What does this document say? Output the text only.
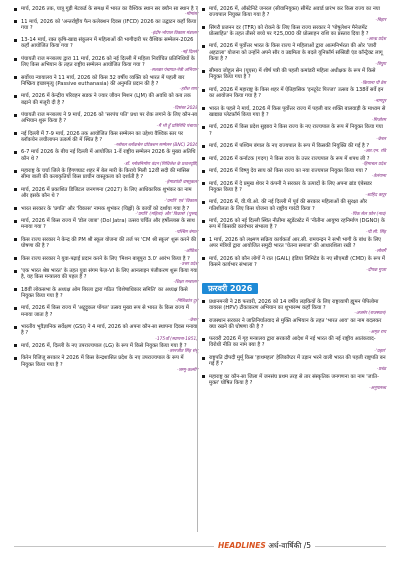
मार्च, 2026 तक, यात्रू गुड़ी मेटकर्ड के समक्ष में भारत का वैश्विक स्थान सर क्यौन सा स्थान है ?
-मीमांसा
11 मार्च, 2026 को 'अन्तर्राष्ट्रीय फैन कलेक्शन दिवस (IFCD) 2026 का उद्घाटन कहाँ किया गया ?
-इंदौर-भोपाल विकास मंत्रालय
13-14 मार्च, रक्त कृषि-खाद्य संकुलन में महिलाओं की भागीदारी पर वैश्विक सम्मेलन-2026 कहाँ आयोजित किया गया ?
-नई दिल्ली
पंचायती राज मन्त्रालय द्वारा 11 मार्च, 2026 को नई दिल्ली में महिला निर्वाचित प्रतिनिधियों के लिए किस अभियान के तहत राष्ट्रीय सम्मेलन आयोजित किया गया ?
-सशक्त पंचायत-नेत्री अभियान
सर्वोच्च न्यायालय ने 11 मार्च, 2026 को किस 32 वर्षीय व्यक्ति को भारत में पहली बार निष्क्रिय इच्छामृत्यु (Passive euthanasia) की अनुमति प्रदान की है ?
-हरीश राणा
मार्च, 2026 में केन्द्रीय परिवहन सडक ने ज्यार जीवन मिशन (LJM) की अवधि को कब तक बढ़ाने की मंजूरी दी है ?
-दिसंबर 2028
पंचायती राज मन्त्रालय ने 9 मार्च, 2026 को 'सरपंच पति' प्रथा पर रोक लगाने के लिए कौन-सा अभियान शुरू किया है ?
-मैं भी हूँ प्रतिनिधि पंचायत
नई दिल्ली में 7-9 मार्च, 2026 तक आयोजित किस सम्मेलन का उद्देश्य वैश्विक स्तर पर ब्लॉकचेन लचीलापन उत्कर्ष की में स्थित है ?
-ग्लोबल ब्लॉकचेन प्रोटेक्शन सम्मेलन (BNC) 2026
6-7 मार्च 2026 के बीच नई दिल्ली में आयोजित 1-वें राष्ट्रीय सम्मेलन 2026 के मुख्य अतिथि कौन थे ?
-डॉ. ग्लोबनिर्माण वंदन (मिथिलेश के प्रधानदृष्टि)
महाराष्ट्र के चर्चा जिले के हिंगणघाट शहर में बेल मारी के किराये मिली 12वीं सदी की मांसिस सीमा बाली की कलाकृतियों किस प्राचीन वास्तुकला को दर्शाती है ?
-हेमाडपंती वास्तुकला
मार्च, 2026 में प्रकाशित डिजिटल जनगणना (2027) के लिए आधिकारिक शुभंकर का नाम और इसके कौन थे ?
-'प्रगति' एवं 'विकास'
भारत सरकार के 'प्रगति' और 'विकास' नामक शुभंकर (चिह्नों) के कार्यों को दर्शाया गया है ?
-'प्रगति' (महिला) और 'विकास' (पुरुष)
मार्च, 2026 में किस राज्य में 'डोल जात्रा' (Dol Jatra) उत्सव चर्चित और हर्षोल्लास के साथ मनाया गया ?
-पश्चिम बंगाल
किस राज्य सरकार ने केन्द्र की PM श्री स्कूल योजना की तर्ज पर 'CM श्री स्कूल' शुरू करने की घोषणा की है ?
-ओडिशा
किस राज्य सरकार ने युवा-पढ़ाई प्रदान करने के लिए 'मिशन बाबूपुरा 3.0' आरंभ किया है ?
-उत्तर प्रदेश
'एक भारत श्रेष्ठ भारत' के तहत युवा संगम फेज़-VI के लिए आनलाइन पंजीकरण शुरू किया गया है, यह किस मन्त्रालय की पहल है ?
-शिक्षा मन्त्रालय
18वीं लोकसभा के अध्यक्ष ओम बिरला द्वारा गठित 'विशेषाधिकार समिति' का अध्यक्ष किसे नियुक्त किया गया है ?
-निशिकांत दुबे
मार्च, 2026 में किस राज्य में 'अटुट्टुकल पोंगल' उत्सव मुख्य रूप से भारत के किस राज्य में मनाया जाता है ?
-केरल
भारतीय भूवैज्ञानिक सर्वेक्षण (GSI) ने 4 मार्च, 2026 को अपना कौन-सा स्थापना दिवस मनाया है ?
-175वाँ (स्थापना-1851)
मार्च, 2026 में, दिल्ली के नए उपराज्यपाल (LG) के रूप में किसे नियुक्त किया गया है ?
-तरनजीत सिंह संधू
किरेन रिजिजू सरकार ने 2026 में किस केन्द्रशासित प्रदेश के नए उपराज्यपाल के रूप में नियुक्त किया गया है ?
-जम्मू-कश्मीर
मार्च, 2026 में, ऑस्टेनिटे जनरल (सीवानियुक्त) सीमेंट अवार्ड प्रारंभ कर किस राज्य का नया राज्यपाल नियुक्त किया गया है ?
-बिहार
सिंगरौ प्रजनन दर (TFR) को रोकने के लिए किस राज्य सरकार ने 'पोषुलेशन मैनेजमेंट प्रोत्साहित' के तहत तीसरे बच्चे पर ₹25,000 की प्रोत्साहन राशि का प्रस्ताव दिया है ?
-आन्ध्र प्रदेश
मार्च, 2026 में पूर्वोत्तर भारत के किस राज्य ने महिलाओं द्वारा आत्मनिर्भरता की ओर 'जारी अहटाला' योजना को उन्होंने अपने सौर व उद्यमिता के बदले यूनिफ़ॉर्म सब्सिडी एंड कॉन्ट्रैक्ट लागू किया है ?
-त्रिपुरा
सीमाव जोहूल सेन (यूएस) में शीर्ष पत्री की पहली कमांडरी महिला अधीक्षक के रूप में किसे नियुक्त किया गया है ?
-कियाना पी डेस
मार्च, 2026 में महाराष्ट्र के किस शहर में ऐतिहासिक 'इनटूरेट पिज्जा' उत्सव के 138वें सर्वे इन का आयोजन किया गया है ?
-नागपुर
भारत के पहले ने मार्च, 2026 में किस पूर्वोत्तर राज्य में पहली बार शक्ति बालवाड़ी के माध्यम से खाद्यान्न प्लेटफ़ॉर्म किया गया है ?
-मिजोरम
मार्च, 2026 में किस प्रदेश सुझाव ने किस राज्य के नए राज्यपाल के रूप में नियुक्त किया गया ?
-केरल
मार्च, 2026 में पश्चिम बंगाल के नए राज्यपाल के रूप में किसकी नियुक्ति की गई है ?
-आर.एन. रवि
मार्च, 2026 में कर्नाटक (गदग) ने किस राज्य के उत्तर राज्यपाल के रूप में शपथ ली ?
-हिमाचल प्रदेश
मार्च, 2026 में विष्णु देव साय को किस राज्य का नया राज्यपाल नियुक्त किया गया ?
-तेलंगाना
मार्च, 2026 में दे प्रमुख शेयर ने कंपनी ने सरकार के उत्पादों के लिए अपना ब्रांड एंबेसडर नियुक्त किया है ?
-शाहिद कपूर
मार्च, 2026 में, वी.पी.ओ. की नई दिल्ली में पूर्व की सरकार महिलाओं की सुरक्षा और गतिशीलता के लिए किस योजना को राष्ट्रीय गारंटी किया ?
-पिंक सेल फ़ोन (नाव)
मार्च, 2026 को नई दिल्ली स्थित नीतीमा स्टूडेंटस्टेट में 'नीतीना आयुष्य रहनिर्माण (DGNO) के रूप में किसकी कार्यभार संभाला है ?
-पी.सी. सिंह
1 मार्च, 2026 को लक्ष्मण सक्रिय कार्यकर्ता आर.सी. रामचन्द्रन ने सभी भागी के बांध के लिए अपर मंत्रियों द्वारा आयोजित समुद्री भारत 'चेतना समाज' की आधारशिला रखी ?
-लोचगैं
मार्च, 2026 को कौन लोगों ने रात (GAIL) इंडिया लिमिटेड के नए सीएमडी (CMD) के रूप में किसने कार्यभार संभाला ?
-दीपक गुप्ता
फ़रवरी 2026
प्रधानमन्त्री ने 28 फरवरी, 2026 को 14 वर्षीय लड़कियों के लिए राष्ट्रव्यापी ह्यूमन पेपिलोमा वायरस (HPV) टीकाकरण अभियान का शुभारम्भ कहाँ किया ?
-अजमेर (राजस्थान)
राजस्थान सरकार ने जातिनिर्यातवाद से मुक्ति अभियान के तहत 'भारत आय' का नाम बदलकर क्या रखने की घोषणा की है ?
-अमृत राय
फरवरी 2026 में गृह मन्त्रालय द्वारा सरकारी आदेश में नई भारत की नई राष्ट्रीय आतंकवाद-विरोधी नीति का नाम क्या है ?
-'प्रहार'
राष्ट्रपति द्रौपदी मुर्मू किस 'हाथमहल' हेलिकॉप्टर में उड़ान भरने वाली भारत की पहली राष्ट्रपति बन गई हैं ?
-प्रचंड
महाराष्ट्र का कौन-सा जिला में जनसंघ प्रथम तरह से तार संस्कृतिक जनगणना का नाम 'जाति-मुक्त' घोषित किया है ?
-अनुपलब्ध
HEADLINES अर्ध-वार्षिकी /5
